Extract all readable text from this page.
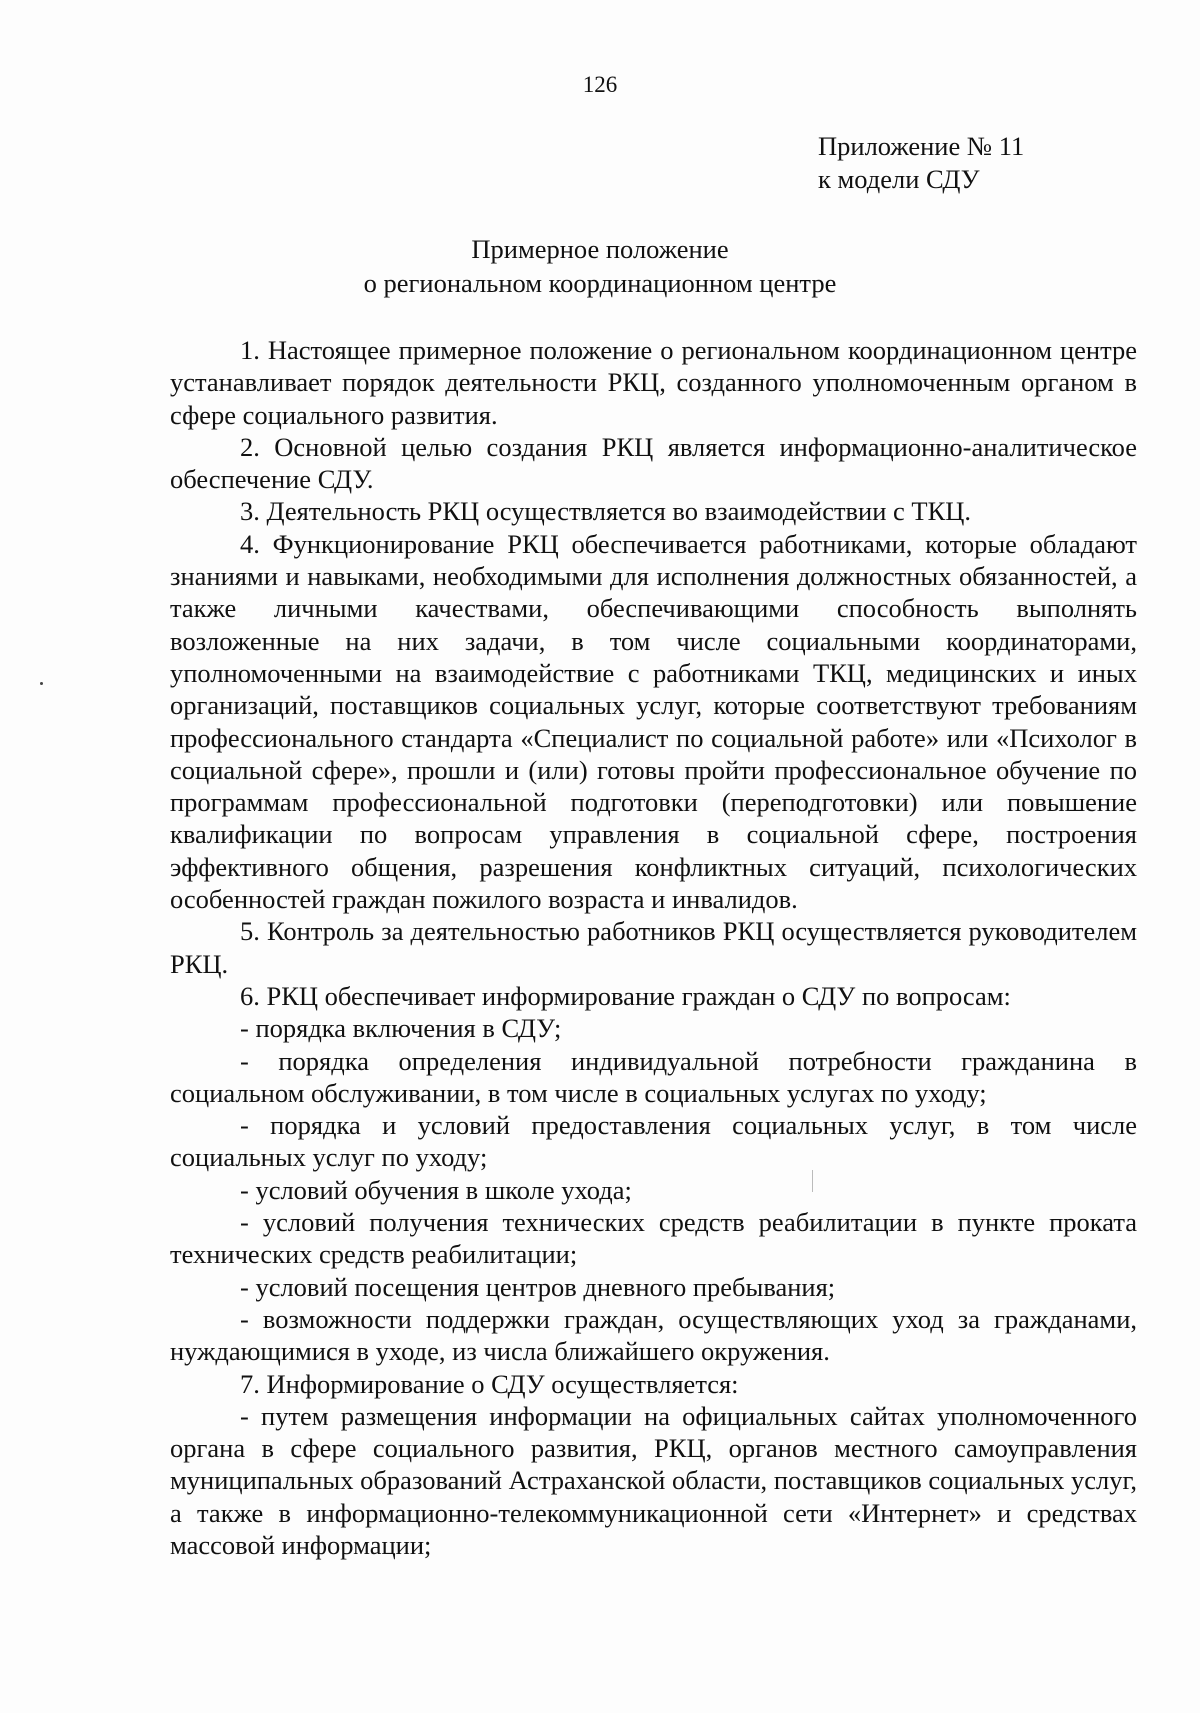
126
Приложение № 11
к модели СДУ
Примерное положение
о региональном координационном центре

1. Настоящее примерное положение о региональном координационном центре устанавливает порядок деятельности РКЦ, созданного уполномоченным органом в сфере социального развития.

2. Основной целью создания РКЦ является информационно-аналитическое обеспечение СДУ.

3. Деятельность РКЦ осуществляется во взаимодействии с ТКЦ.

4. Функционирование РКЦ обеспечивается работниками, которые обладают знаниями и навыками, необходимыми для исполнения должностных обязанностей, а также личными качествами, обеспечивающими способность выполнять возложенные на них задачи, в том числе социальными координаторами, уполномоченными на взаимодействие с работниками ТКЦ, медицинских и иных организаций, поставщиков социальных услуг, которые соответствуют требованиям профессионального стандарта «Специалист по социальной работе» или «Психолог в социальной сфере», прошли и (или) готовы пройти профессиональное обучение по программам профессиональной подготовки (переподготовки) или повышение квалификации по вопросам управления в социальной сфере, построения эффективного общения, разрешения конфликтных ситуаций, психологических особенностей граждан пожилого возраста и инвалидов.

5. Контроль за деятельностью работников РКЦ осуществляется руководителем РКЦ.

6. РКЦ обеспечивает информирование граждан о СДУ по вопросам:

- порядка включения в СДУ;

- порядка определения индивидуальной потребности гражданина в социальном обслуживании, в том числе в социальных услугах по уходу;

- порядка и условий предоставления социальных услуг, в том числе социальных услуг по уходу;

- условий обучения в школе ухода;

- условий получения технических средств реабилитации в пункте проката технических средств реабилитации;

- условий посещения центров дневного пребывания;

- возможности поддержки граждан, осуществляющих уход за гражданами, нуждающимися в уходе, из числа ближайшего окружения.

7. Информирование о СДУ осуществляется:

- путем размещения информации на официальных сайтах уполномоченного органа в сфере социального развития, РКЦ, органов местного самоуправления муниципальных образований Астраханской области, поставщиков социальных услуг, а также в информационно-телекоммуникационной сети «Интернет» и средствах массовой информации;
